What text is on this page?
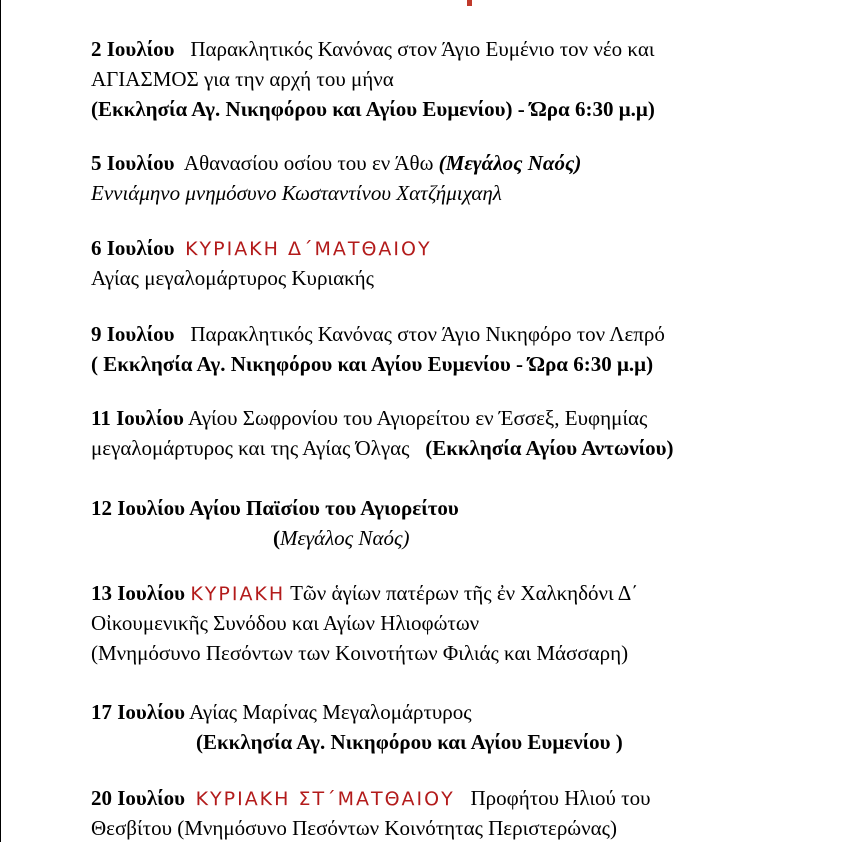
2 Ιουλίου Παρακλητικός Κανόνας στον Άγιο Ευμένιο τον νέο και
ΑΓΙΑΣΜΟΣ για την αρχή του μήνα
(Εκκλησία Αγ. Νικηφόρου και Αγίου Ευμενίου) - Ώρα 6:30 μ.μ)
5 Ιουλίου Αθανασίου οσίου του εν Άθω (Μεγάλος Ναός)
Εννιάμηνο μνημόσυνο Κωσταντίνου Χατζήμιχαηλ
6 Ιουλίου ΚΥΡΙΑΚΗ Δ΄ΜΑΤΘΑΙΟΥ
Αγίας μεγαλομάρτυρος Κυριακής
9 Ιουλίου Παρακλητικός Κανόνας στον Άγιο Νικηφόρο τον Λεπρό
( Εκκλησία Αγ. Νικηφόρου και Αγίου Ευμενίου - Ώρα 6:30 μ.μ)
11 Ιουλίου Αγίου Σωφρονίου του Αγιορείτου εν Έσσεξ, Ευφημίας
μεγαλομάρτυρος και της Αγίας Όλγας (Εκκλησία Αγίου Αντωνίου)
12 Ιουλίου Αγίου Παϊσίου του Αγιορείτου
(Μεγάλος Ναός)
13 Ιουλίου ΚΥΡΙΑΚΗ Τῶν ἁγίων πατέρων τῆς ἐν Χαλκηδόνι Δ΄
Οἰκουμενικῆς Συνόδου και Αγίων Ηλιοφώτων
(Μνημόσυνο Πεσόντων των Κοινοτήτων Φιλιάς και Μάσσαρη)
17 Ιουλίου Αγίας Μαρίνας Μεγαλομάρτυρος
(Εκκλησία Αγ. Νικηφόρου και Αγίου Ευμενίου )
20 Ιουλίου ΚΥΡΙΑΚΗ ΣΤ΄ΜΑΤΘΑΙΟΥ Προφήτου Ηλιού του
Θεσβίτου (Μνημόσυνο Πεσόντων Κοινότητας Περιστερώνας)
